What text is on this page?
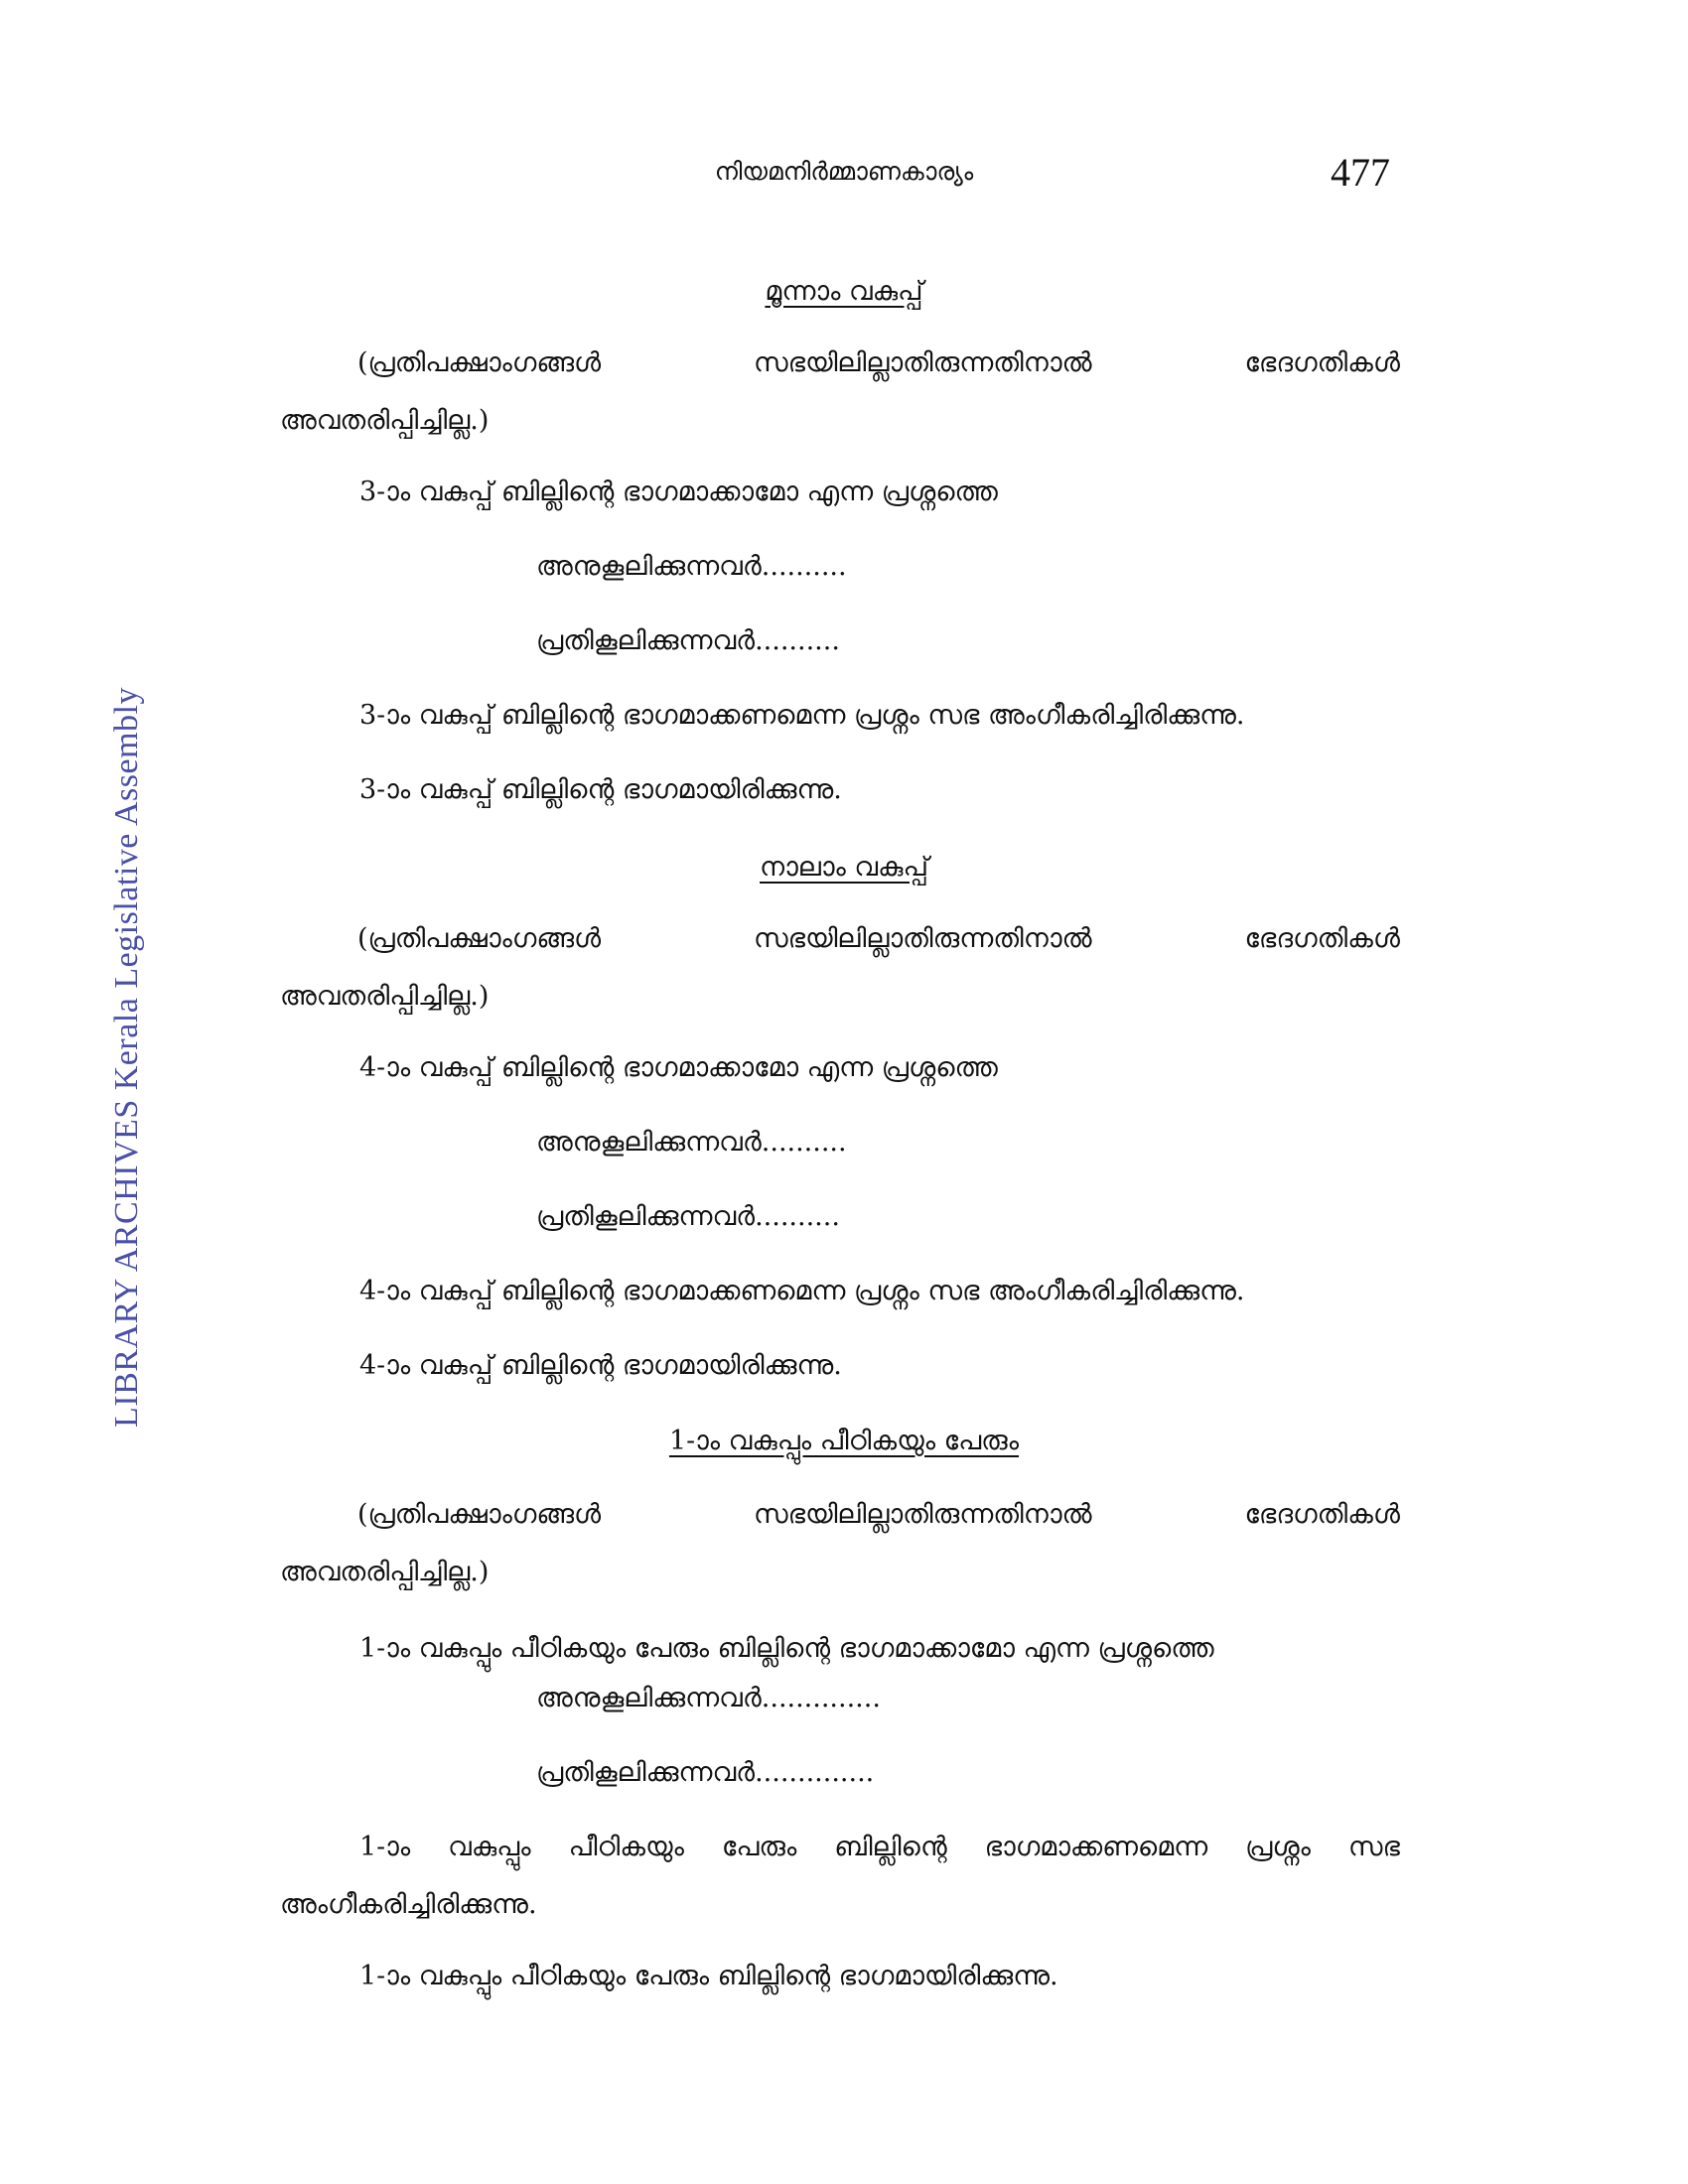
നിയമനിർമ്മാണകാര്യം	477
LIBRARY ARCHIVES Kerala Legislative Assembly
മൂന്നാം വകുപ്പ്
(പ്രതിപക്ഷാംഗങ്ങൾ	സഭയിലില്ലാതിരുന്നതിനാൽ	ഭേദഗതികൾ
അവതരിപ്പിച്ചില്ല.)
3-ാം വകുപ്പ് ബില്ലിന്റെ ഭാഗമാക്കാമോ എന്ന പ്രശ്നത്തെ
അനുകൂലിക്കുന്നവർ..........
പ്രതികൂലിക്കുന്നവർ..........
3-ാം വകുപ്പ് ബില്ലിന്റെ ഭാഗമാക്കണമെന്ന പ്രശ്നം സഭ അംഗീകരിച്ചിരിക്കുന്നു.
3-ാം വകുപ്പ് ബില്ലിന്റെ ഭാഗമായിരിക്കുന്നു.
നാലാം വകുപ്പ്
(പ്രതിപക്ഷാംഗങ്ങൾ	സഭയിലില്ലാതിരുന്നതിനാൽ	ഭേദഗതികൾ
അവതരിപ്പിച്ചില്ല.)
4-ാം വകുപ്പ് ബില്ലിന്റെ ഭാഗമാക്കാമോ എന്ന പ്രശ്നത്തെ
അനുകൂലിക്കുന്നവർ..........
പ്രതികൂലിക്കുന്നവർ..........
4-ാം വകുപ്പ് ബില്ലിന്റെ ഭാഗമാക്കണമെന്ന പ്രശ്നം സഭ അംഗീകരിച്ചിരിക്കുന്നു.
4-ാം വകുപ്പ് ബില്ലിന്റെ ഭാഗമായിരിക്കുന്നു.
1-ാം വകുപ്പും പീഠികയും പേരും
(പ്രതിപക്ഷാംഗങ്ങൾ	സഭയിലില്ലാതിരുന്നതിനാൽ	ഭേദഗതികൾ
അവതരിപ്പിച്ചില്ല.)
1-ാം വകുപ്പും പീഠികയും പേരും ബില്ലിന്റെ ഭാഗമാക്കാമോ എന്ന പ്രശ്നത്തെ
അനുകൂലിക്കുന്നവർ..............
പ്രതികൂലിക്കുന്നവർ..............
1-ാം വകുപ്പും പീഠികയും പേരും ബില്ലിന്റെ ഭാഗമാക്കണമെന്ന പ്രശ്നം സഭ
അംഗീകരിച്ചിരിക്കുന്നു.
1-ാം വകുപ്പും പീഠികയും പേരും ബില്ലിന്റെ ഭാഗമായിരിക്കുന്നു.
